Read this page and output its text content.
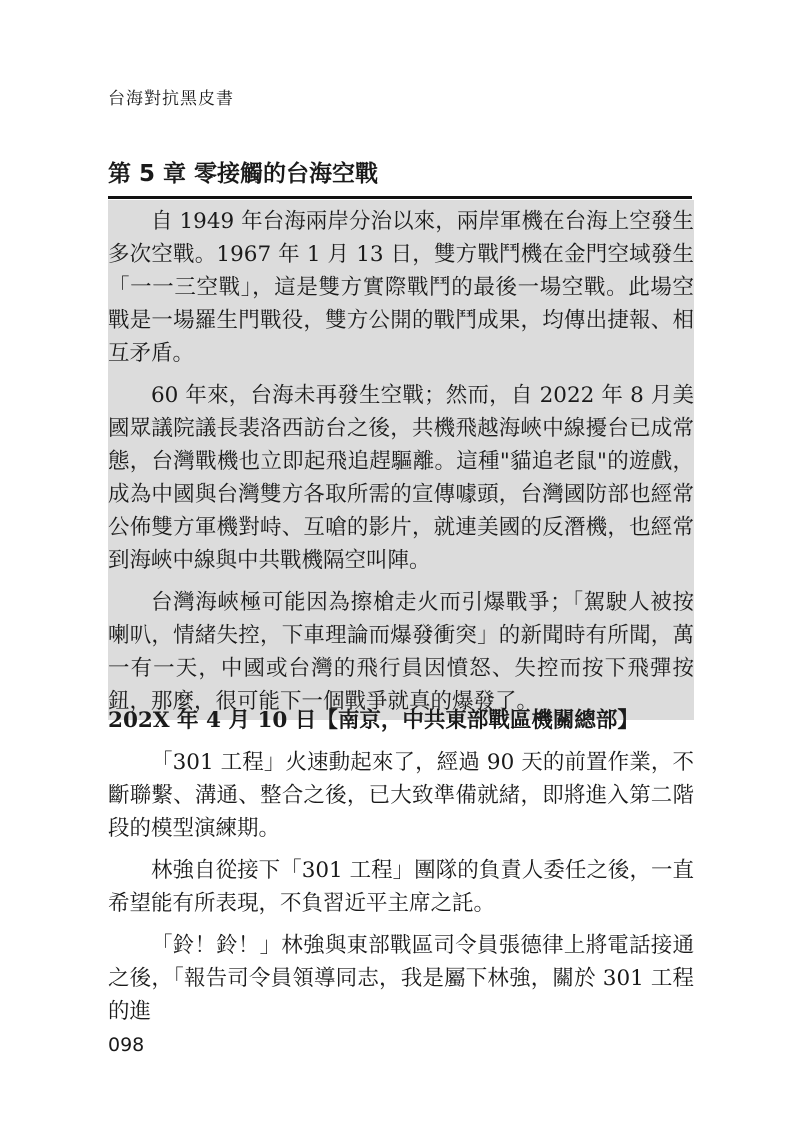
台海對抗黑皮書
第 5 章 零接觸的台海空戰

自 1949 年台海兩岸分治以來，兩岸軍機在台海上空發生多次空戰。1967 年 1 月 13 日，雙方戰鬥機在金門空域發生「一一三空戰」，這是雙方實際戰鬥的最後一場空戰。此場空戰是一場羅生門戰役，雙方公開的戰鬥成果，均傳出捷報、相互矛盾。

60 年來，台海未再發生空戰；然而，自 2022 年 8 月美國眾議院議長裴洛西訪台之後，共機飛越海峽中線擾台已成常態，台灣戰機也立即起飛追趕驅離。這種"貓追老鼠"的遊戲，成為中國與台灣雙方各取所需的宣傳噱頭，台灣國防部也經常公佈雙方軍機對峙、互嗆的影片，就連美國的反潛機，也經常到海峽中線與中共戰機隔空叫陣。

台灣海峽極可能因為擦槍走火而引爆戰爭；「駕駛人被按喇叭，情緒失控，下車理論而爆發衝突」的新聞時有所聞，萬一有一天，中國或台灣的飛行員因憤怒、失控而按下飛彈按鈕，那麼，很可能下一個戰爭就真的爆發了。

202X 年 4 月 10 日【南京，中共東部戰區機關總部】

「301 工程」火速動起來了，經過 90 天的前置作業，不斷聯繫、溝通、整合之後，已大致準備就緒，即將進入第二階段的模型演練期。

林強自從接下「301 工程」團隊的負責人委任之後，一直希望能有所表現，不負習近平主席之託。

「鈴！鈴！」林強與東部戰區司令員張德律上將電話接通之後，「報告司令員領導同志，我是屬下林強，關於 301 工程的進

098
